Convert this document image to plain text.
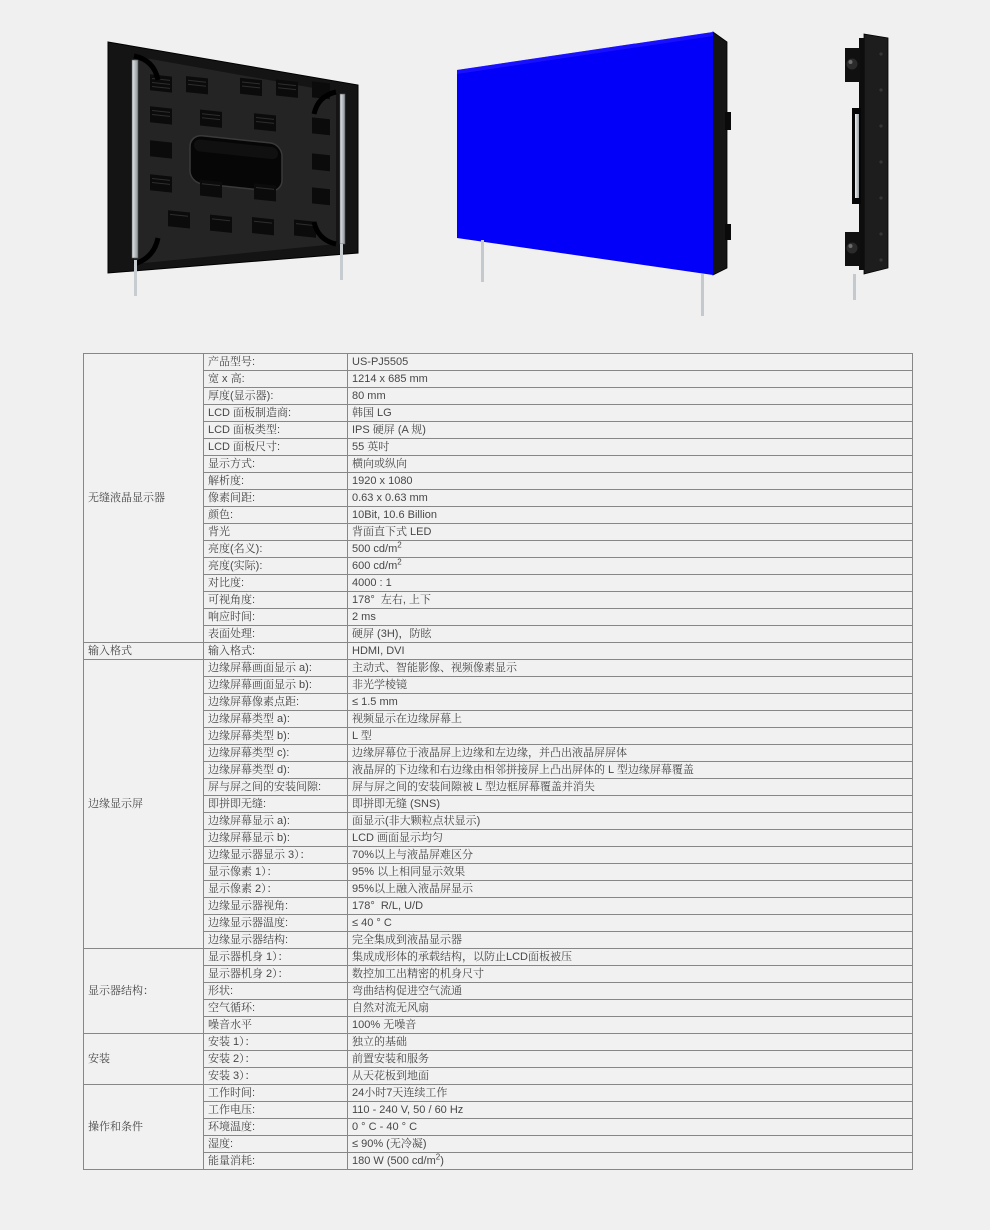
无缝液晶显示器	产品型号:	US-PJ5505
	宽 x 高:	1214 x 685 mm
	厚度(显示器):	80 mm
	LCD 面板制造商:	韩国 LG
	LCD 面板类型:	IPS 硬屏 (A 规)
	LCD 面板尺寸:	55 英吋
	显示方式:	横向或纵向
	解析度:	1920 x 1080
	像素间距:	0.63 x 0.63 mm
	颜色:	10Bit, 10.6 Billion
	背光	背面直下式 LED
	亮度(名义):	500 $cd/m^2$
	亮度(实际):	600 $cd/m^2$
	对比度:	4000 : 1
	可视角度:	178°  左右, 上下
	响应时间:	2 ms
	表面处理:	硬屏 (3H)，防眩
输入格式	输入格式:	HDMI, DVI
边缘显示屏	边缘屏幕画面显示 a):	主动式、智能影像、视频像素显示
	边缘屏幕画面显示 b):	非光学棱镜
	边缘屏幕像素点距:	≤ 1.5 mm
	边缘屏幕类型 a):	视频显示在边缘屏幕上
	边缘屏幕类型 b):	L 型
	边缘屏幕类型 c):	边缘屏幕位于液晶屏上边缘和左边缘，并凸出液晶屏屏体
	边缘屏幕类型 d):	液晶屏的下边缘和右边缘由相邻拼接屏上凸出屏体的 L 型边缘屏幕覆盖
	屏与屏之间的安装间隙:	屏与屏之间的安装间隙被 L 型边框屏幕覆盖并消失
	即拼即无缝:	即拼即无缝 (SNS)
	边缘屏幕显示 a):	面显示(非大颗粒点状显示)
	边缘屏幕显示 b):	LCD 画面显示均匀
	边缘显示器显示 3）：	70%以上与液晶屏难区分
	显示像素 1）：	95% 以上相同显示效果
	显示像素 2）：	95%以上融入液晶屏显示
	边缘显示器视角:	178°  R/L, U/D
	边缘显示器温度:	≤ 40 ° C
	边缘显示器结构:	完全集成到液晶显示器
显示器结构：	显示器机身 1）：	集成成形体的承载结构，以防止LCD面板被压
	显示器机身 2）：	数控加工出精密的机身尺寸
	形状:	弯曲结构促进空气流通
	空气循环:	自然对流无风扇
	噪音水平	100% 无噪音
安装	安装 1）：	独立的基础
	安装 2）：	前置安装和服务
	安装 3）：	从天花板到地面
操作和条件	工作时间:	24小时7天连续工作
	工作电压:	110 - 240 V, 50 / 60 Hz
	环境温度:	0 ° C - 40 ° C
	湿度:	≤ 90% (无冷凝)
	能量消耗:	180 W (500 $cd/m^2$)
